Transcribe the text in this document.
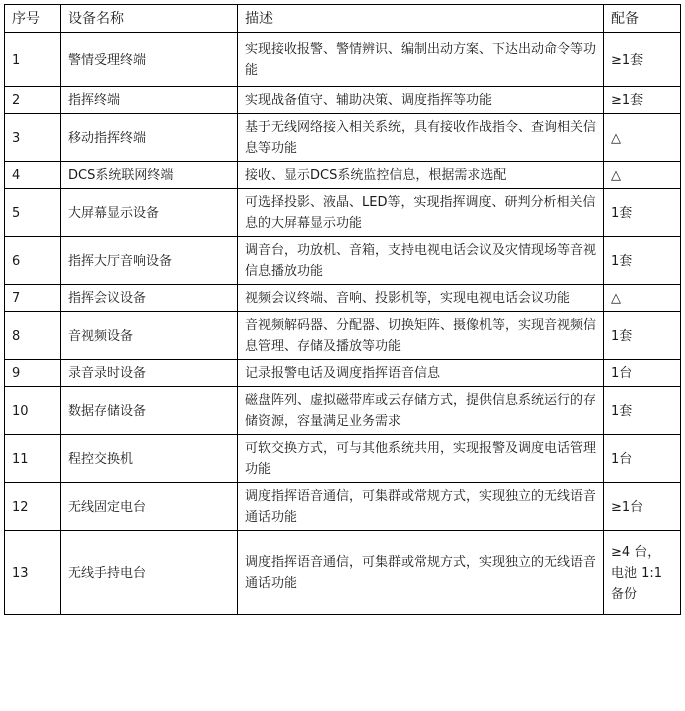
序号	设备名称	描述	配备
1	警情受理终端	实现接收报警、警情辨识、编制出动方案、下达出动命令等功能	≥1套
2	指挥终端	实现战备值守、辅助决策、调度指挥等功能	≥1套
3	移动指挥终端	基于无线网络接入相关系统，具有接收作战指令、查询相关信息等功能	△
4	DCS系统联网终端	接收、显示DCS系统监控信息，根据需求选配	△
5	大屏幕显示设备	可选择投影、液晶、LED等，实现指挥调度、研判分析相关信息的大屏幕显示功能	1套
6	指挥大厅音响设备	调音台，功放机、音箱，支持电视电话会议及灾情现场等音视信息播放功能	1套
7	指挥会议设备	视频会议终端、音响、投影机等，实现电视电话会议功能	△
8	音视频设备	音视频解码器、分配器、切换矩阵、摄像机等，实现音视频信息管理、存储及播放等功能	1套
9	录音录时设备	记录报警电话及调度指挥语音信息	1台
10	数据存储设备	磁盘阵列、虚拟磁带库或云存储方式，提供信息系统运行的存储资源，容量满足业务需求	1套
11	程控交换机	可软交换方式，可与其他系统共用，实现报警及调度电话管理功能	1台
12	无线固定电台	调度指挥语音通信，可集群或常规方式，实现独立的无线语音通话功能	≥1台
13	无线手持电台	调度指挥语音通信，可集群或常规方式，实现独立的无线语音通话功能	≥4 台，电池 1:1 备份
